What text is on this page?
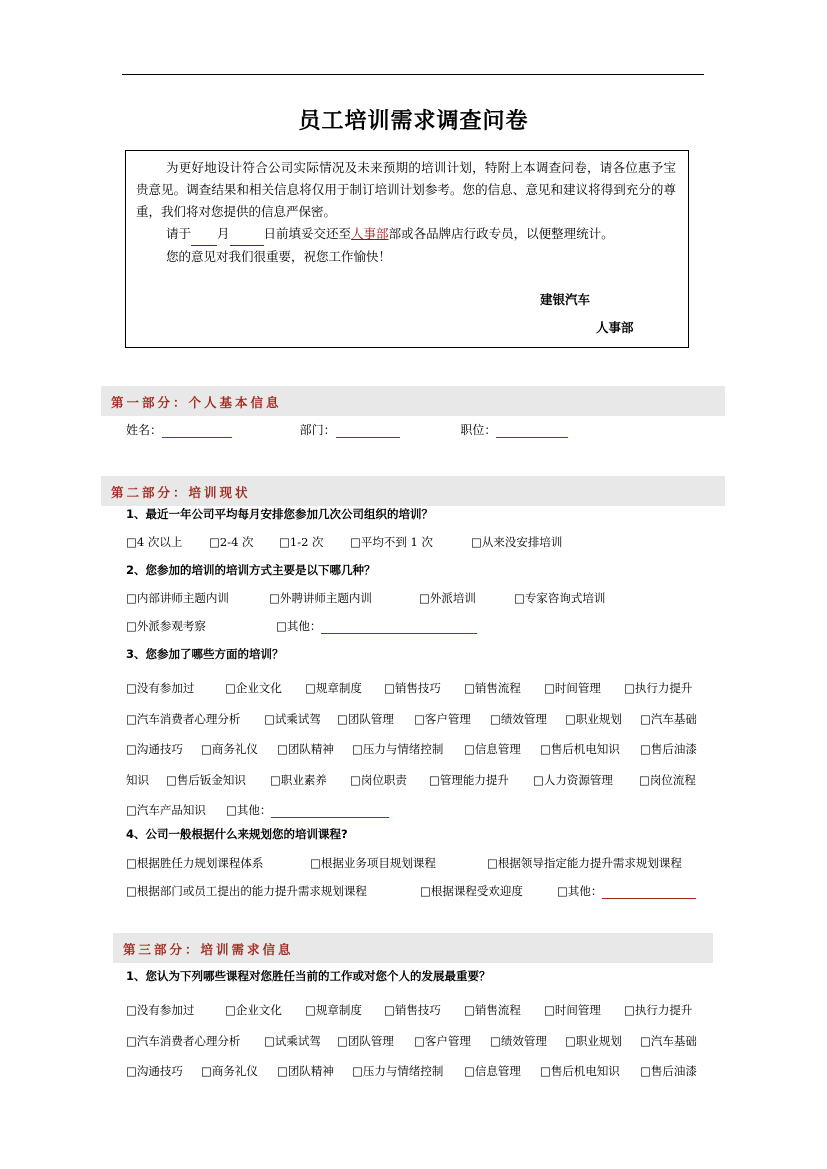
员工培训需求调查问卷

为更好地设计符合公司实际情况及未来预期的培训计划，特附上本调查问卷，请各位惠予宝贵意见。调查结果和相关信息将仅用于制订培训计划参考。您的信息、意见和建议将得到充分的尊重，我们将对您提供的信息严保密。

请于 月	日前填妥交还至人事部部或各品牌店行政专员，以便整理统计。

您的意见对我们很重要，祝您工作愉快！

建银汽车
人事部
第一部分：个人基本信息
姓名：	部门：	职位：
第二部分：培训现状
1、最近一年公司平均每月安排您参加几次公司组织的培训？
□4 次以上 □2-4 次 □1-2 次 □平均不到 1 次	□从来没安排培训
2、您参加的培训的培训方式主要是以下哪几种？
□内部讲师主题内训	□外聘讲师主题内训	□外派培训	□专家咨询式培训
□外派参观考察	□其他：
3、您参加了哪些方面的培训？
□没有参加过	□企业文化 □规章制度 □销售技巧 □销售流程 □时间管理 □执行力提升
□汽车消费者心理分析 □试乘试驾 □团队管理 □客户管理 □绩效管理 □职业规划 □汽车基础
□沟通技巧 □商务礼仪 □团队精神 □压力与情绪控制 □信息管理 □售后机电知识 □售后油漆
知识 □售后钣金知识 □职业素养 □岗位职责 □管理能力提升 □人力资源管理 □岗位流程
□汽车产品知识 □其他：
4、公司一般根据什么来规划您的培训课程?
□根据胜任力规划课程体系	□根据业务项目规划课程	□根据领导指定能力提升需求规划课程
□根据部门或员工提出的能力提升需求规划课程	□根据课程受欢迎度	□其他：
第三部分：培训需求信息
1、您认为下列哪些课程对您胜任当前的工作或对您个人的发展最重要？
□没有参加过	□企业文化 □规章制度 □销售技巧 □销售流程 □时间管理 □执行力提升
□汽车消费者心理分析 □试乘试驾 □团队管理 □客户管理 □绩效管理 □职业规划 □汽车基础
□沟通技巧 □商务礼仪 □团队精神 □压力与情绪控制 □信息管理 □售后机电知识 □售后油漆
